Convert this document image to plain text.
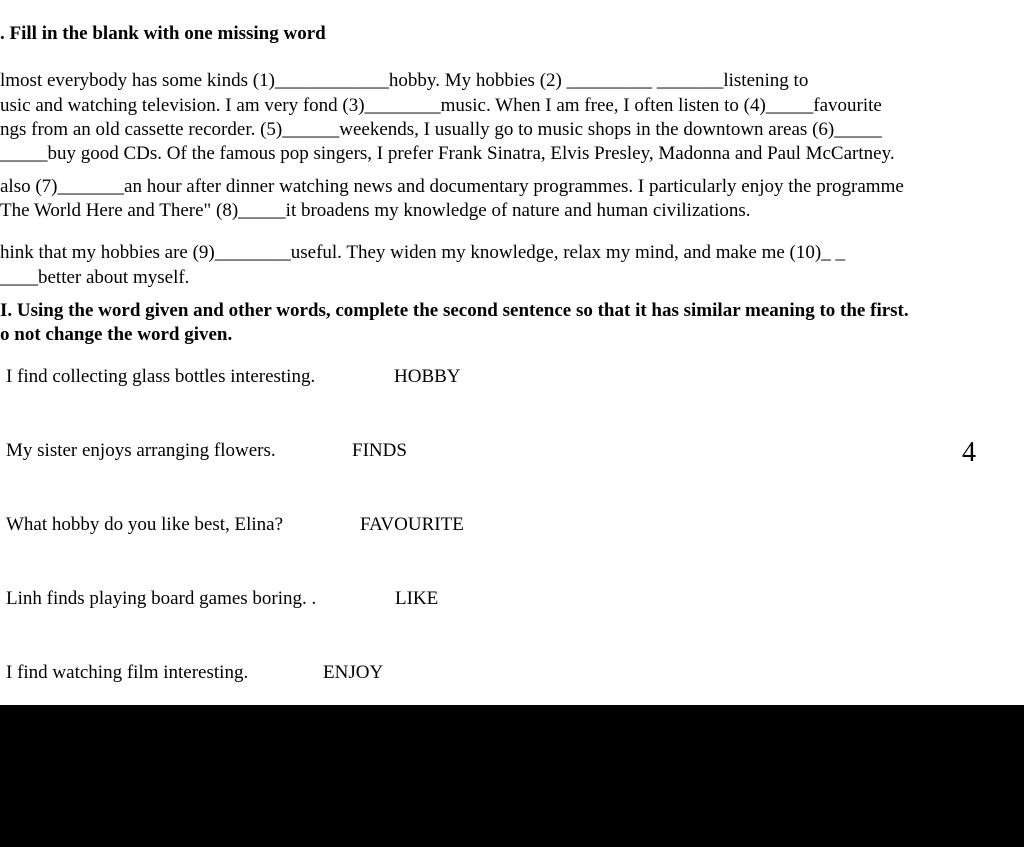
. Fill in the blank with one missing word
lmost everybody has some kinds (1)____________hobby. My hobbies (2) _________ _______listening to
usic and watching television. I am very fond (3)________music. When I am free, I often listen to (4)_____favourite
ngs from an old cassette recorder. (5)______weekends, I usually go to music shops in the downtown areas (6)_____
_____buy good CDs. Of the famous pop singers, I prefer Frank Sinatra, Elvis Presley, Madonna and Paul McCartney.
also (7)_______an hour after dinner watching news and documentary programmes. I particularly enjoy the programme
The World Here and There" (8)_____it broadens my knowledge of nature and human civilizations.
hink that my hobbies are (9)________useful. They widen my knowledge, relax my mind, and make me (10)_ _
____better about myself.
I. Using the word given and other words, complete the second sentence so that it has similar meaning to the first.
o not change the word given.
I find collecting glass bottles interesting.	HOBBY
My sister enjoys arranging flowers.	FINDS
What hobby do you like best, Elina?	FAVOURITE
Linh finds playing board games boring. .	LIKE
I find watching film interesting.	ENJOY
4
